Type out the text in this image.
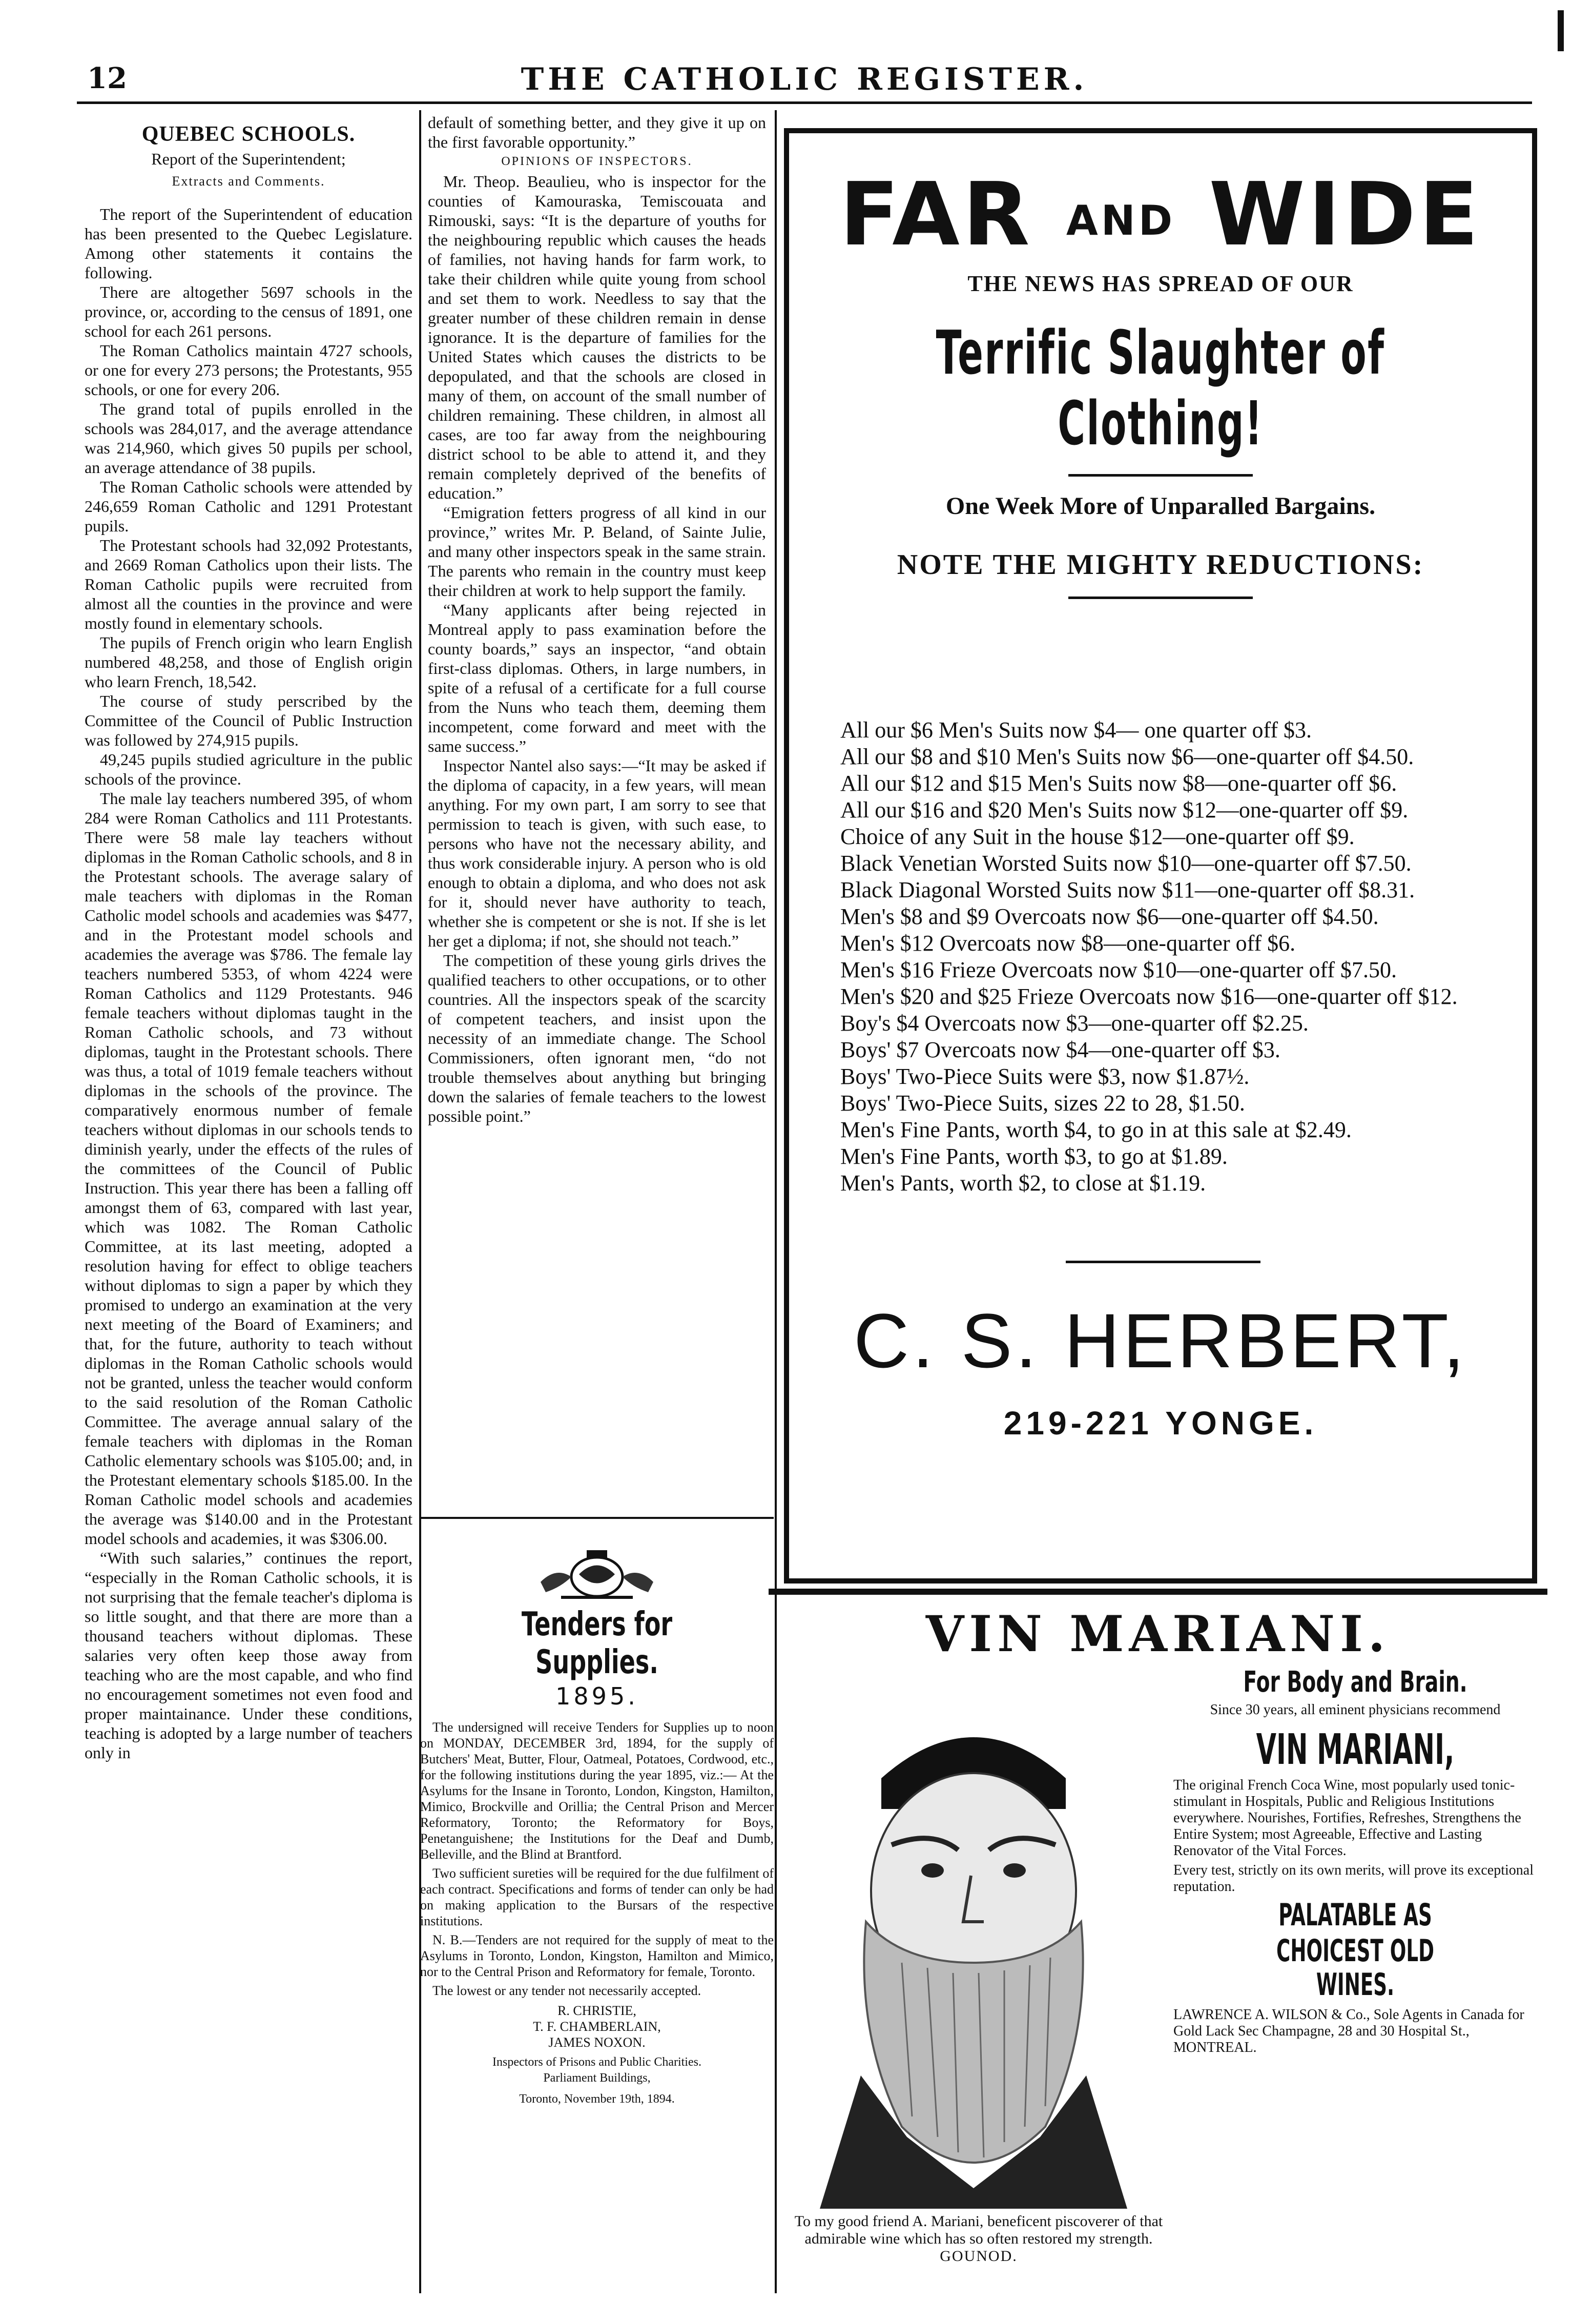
12	THE CATHOLIC REGISTER.
QUEBEC SCHOOLS.
Report of the Superintendent;
Extracts and Comments.

The report of the Superintendent of education has been presented to the Quebec Legislature. Among other statements it contains the following.

There are altogether 5697 schools in the province, or, according to the census of 1891, one school for each 261 persons.

The Roman Catholics maintain 4727 schools, or one for every 273 persons; the Protestants, 955 schools, or one for every 206.

The grand total of pupils enrolled in the schools was 284,017, and the average attendance was 214,960, which gives 50 pupils per school, an average attendance of 38 pupils.

The Roman Catholic schools were attended by 246,659 Roman Catholic and 1291 Protestant pupils.

The Protestant schools had 32,092 Protestants, and 2669 Roman Catholics upon their lists. The Roman Catholic pupils were recruited from almost all the counties in the province and were mostly found in elementary schools.

The pupils of French origin who learn English numbered 48,258, and those of English origin who learn French, 18,542.

The course of study perscribed by the Committee of the Council of Public Instruction was followed by 274,915 pupils.

49,245 pupils studied agriculture in the public schools of the province.

The male lay teachers numbered 395, of whom 284 were Roman Catholics and 111 Protestants. There were 58 male lay teachers without diplomas in the Roman Catholic schools, and 8 in the Protestant schools. The average salary of male teachers with diplomas in the Roman Catholic model schools and academies was $477, and in the Protestant model schools and academies the average was $786. The female lay teachers numbered 5353, of whom 4224 were Roman Catholics and 1129 Protestants. 946 female teachers without diplomas taught in the Roman Catholic schools, and 73 without diplomas, taught in the Protestant schools. There was thus, a total of 1019 female teachers without diplomas in the schools of the province. The comparatively enormous number of female teachers without diplomas in our schools tends to diminish yearly, under the effects of the rules of the committees of the Council of Public Instruction. This year there has been a falling off amongst them of 63, compared with last year, which was 1082. The Roman Catholic Committee, at its last meeting, adopted a resolution having for effect to oblige teachers without diplomas to sign a paper by which they promised to undergo an examination at the very next meeting of the Board of Examiners; and that, for the future, authority to teach without diplomas in the Roman Catholic schools would not be granted, unless the teacher would conform to the said resolution of the Roman Catholic Committee. The average annual salary of the female teachers with diplomas in the Roman Catholic elementary schools was $105.00; and, in the Protestant elementary schools $185.00. In the Roman Catholic model schools and academies the average was $140.00 and in the Protestant model schools and academies, it was $306.00.

“With such salaries,” continues the report, “especially in the Roman Catholic schools, it is not surprising that the female teacher's diploma is so little sought, and that there are more than a thousand teachers without diplomas. These salaries very often keep those away from teaching who are the most capable, and who find no encouragement sometimes not even food and proper maintainance. Under these conditions, teaching is adopted by a large number of teachers only in

default of something better, and they give it up on the first favorable opportunity.”

OPINIONS OF INSPECTORS.

Mr. Theop. Beaulieu, who is inspector for the counties of Kamouraska, Temiscouata and Rimouski, says: “It is the departure of youths for the neighbouring republic which causes the heads of families, not having hands for farm work, to take their children while quite young from school and set them to work. Needless to say that the greater number of these children remain in dense ignorance. It is the departure of families for the United States which causes the districts to be depopulated, and that the schools are closed in many of them, on account of the small number of children remaining. These children, in almost all cases, are too far away from the neighbouring district school to be able to attend it, and they remain completely deprived of the benefits of education.”

“Emigration fetters progress of all kind in our province,” writes Mr. P. Beland, of Sainte Julie, and many other inspectors speak in the same strain. The parents who remain in the country must keep their children at work to help support the family.

“Many applicants after being rejected in Montreal apply to pass examination before the county boards,” says an inspector, “and obtain first-class diplomas. Others, in large numbers, in spite of a refusal of a certificate for a full course from the Nuns who teach them, deeming them incompetent, come forward and meet with the same success.”

Inspector Nantel also says:—“It may be asked if the diploma of capacity, in a few years, will mean anything. For my own part, I am sorry to see that permission to teach is given, with such ease, to persons who have not the necessary ability, and thus work considerable injury. A person who is old enough to obtain a diploma, and who does not ask for it, should never have authority to teach, whether she is competent or she is not. If she is let her get a diploma; if not, she should not teach.”

The competition of these young girls drives the qualified teachers to other occupations, or to other countries. All the inspectors speak of the scarcity of competent teachers, and insist upon the necessity of an immediate change. The School Commissioners, often ignorant men, “do not trouble themselves about anything but bringing down the salaries of female teachers to the lowest possible point.”

Tenders for Supplies.
1895.

The undersigned will receive Tenders for Supplies up to noon on MONDAY, DECEMBER 3rd, 1894, for the supply of Butchers' Meat, Butter, Flour, Oatmeal, Potatoes, Cordwood, etc., for the following institutions during the year 1895, viz.:— At the Asylums for the Insane in Toronto, London, Kingston, Hamilton, Mimico, Brockville and Orillia; the Central Prison and Mercer Reformatory, Toronto; the Reformatory for Boys, Penetanguishene; the Institutions for the Deaf and Dumb, Belleville, and the Blind at Brantford.

Two sufficient sureties will be required for the due fulfilment of each contract. Specifications and forms of tender can only be had on making application to the Bursars of the respective institutions.

N. B.—Tenders are not required for the supply of meat to the Asylums in Toronto, London, Kingston, Hamilton and Mimico, nor to the Central Prison and Reformatory for female, Toronto.

The lowest or any tender not necessarily accepted.

R. CHRISTIE,
T. F. CHAMBERLAIN,
JAMES NOXON.
Inspectors of Prisons and Public Charities.
Parliament Buildings,
Toronto, November 19th, 1894.
FAR AND WIDE
THE NEWS HAS SPREAD OF OUR
Terrific Slaughter of Clothing!
One Week More of Unparalled Bargains.
NOTE THE MIGHTY REDUCTIONS:

All our $6 Men's Suits now $4— one quarter off $3.

All our $8 and $10 Men's Suits now $6—one-quarter off $4.50.

All our $12 and $15 Men's Suits now $8—one-quarter off $6.

All our $16 and $20 Men's Suits now $12—one-quarter off $9.

Choice of any Suit in the house $12—one-quarter off $9.

Black Venetian Worsted Suits now $10—one-quarter off $7.50.

Black Diagonal Worsted Suits now $11—one-quarter off $8.31.

Men's $8 and $9 Overcoats now $6—one-quarter off $4.50.

Men's $12 Overcoats now $8—one-quarter off $6.

Men's $16 Frieze Overcoats now $10—one-quarter off $7.50.

Men's $20 and $25 Frieze Overcoats now $16—one-quarter off $12.

Boy's $4 Overcoats now $3—one-quarter off $2.25.

Boys' $7 Overcoats now $4—one-quarter off $3.

Boys' Two-Piece Suits were $3, now $1.87½.

Boys' Two-Piece Suits, sizes 22 to 28, $1.50.

Men's Fine Pants, worth $4, to go in at this sale at $2.49.

Men's Fine Pants, worth $3, to go at $1.89.

Men's Pants, worth $2, to close at $1.19.

C. S. HERBERT,
219-221 YONGE.
VIN MARIANI.
To my good friend A. Mariani, beneficent piscoverer of that admirable wine which has so often restored my strength. GOUNOD.

For Body and Brain.

Since 30 years, all eminent physicians recommend

VIN MARIANI,

The original French Coca Wine, most popularly used tonic-stimulant in Hospitals, Public and Religious Institutions everywhere. Nourishes, Fortifies, Refreshes, Strengthens the Entire System; most Agreeable, Effective and Lasting Renovator of the Vital Forces.

Every test, strictly on its own merits, will prove its exceptional reputation.

PALATABLE AS

CHOICEST OLD WINES.

LAWRENCE A. WILSON & Co., Sole Agents in Canada for Gold Lack Sec Champagne, 28 and 30 Hospital St., MONTREAL.
